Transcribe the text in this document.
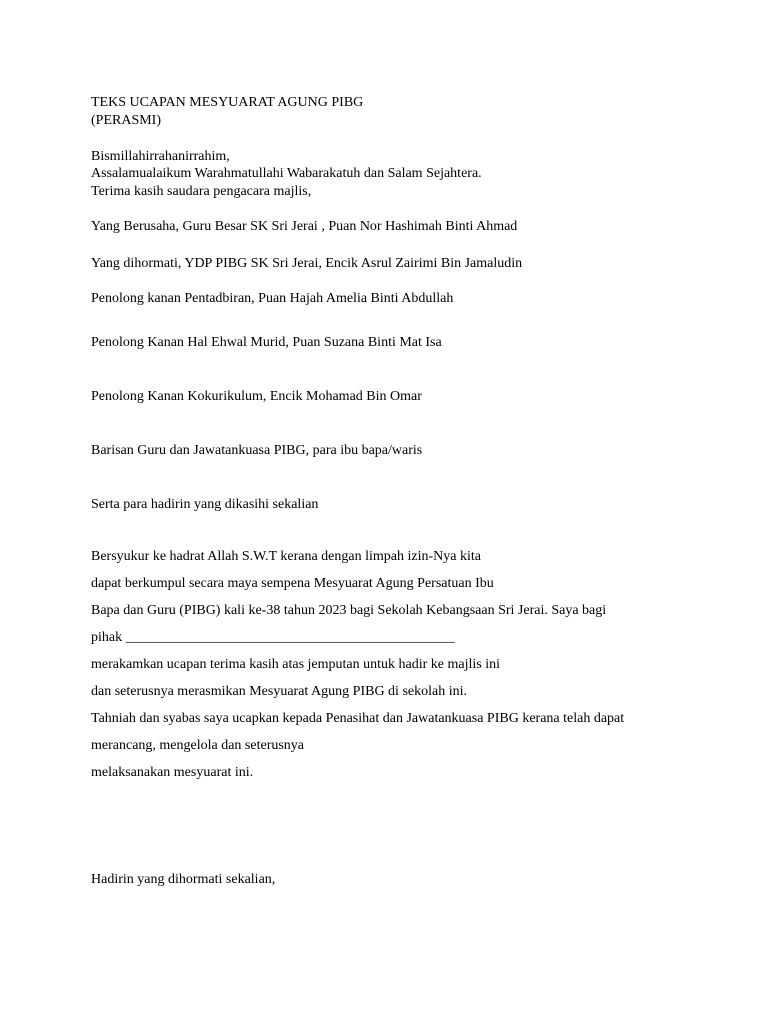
TEKS UCAPAN MESYUARAT AGUNG PIBG

(PERASMI)

Bismillahirrahanirrahim,

Assalamualaikum Warahmatullahi Wabarakatuh dan Salam Sejahtera.

Terima kasih saudara pengacara majlis,

Yang Berusaha, Guru Besar SK Sri Jerai , Puan Nor Hashimah Binti Ahmad

Yang dihormati, YDP PIBG SK Sri Jerai, Encik Asrul Zairimi Bin Jamaludin

Penolong kanan Pentadbiran, Puan Hajah Amelia Binti Abdullah

Penolong Kanan Hal Ehwal Murid, Puan Suzana Binti Mat Isa

Penolong Kanan Kokurikulum, Encik Mohamad Bin Omar

Barisan Guru dan Jawatankuasa PIBG, para ibu bapa/waris

Serta para hadirin yang dikasihi sekalian

Bersyukur ke hadrat Allah S.W.T kerana dengan limpah izin-Nya kita

dapat berkumpul secara maya sempena Mesyuarat Agung Persatuan Ibu

Bapa dan Guru (PIBG) kali ke-38 tahun 2023 bagi Sekolah Kebangsaan Sri Jerai. Saya bagi

pihak _______________________________________________

merakamkan ucapan terima kasih atas jemputan untuk hadir ke majlis ini

dan seterusnya merasmikan Mesyuarat Agung PIBG di sekolah ini.

Tahniah dan syabas saya ucapkan kepada Penasihat dan Jawatankuasa PIBG kerana telah dapat

merancang, mengelola dan seterusnya

melaksanakan mesyuarat ini.

Hadirin yang dihormati sekalian,
